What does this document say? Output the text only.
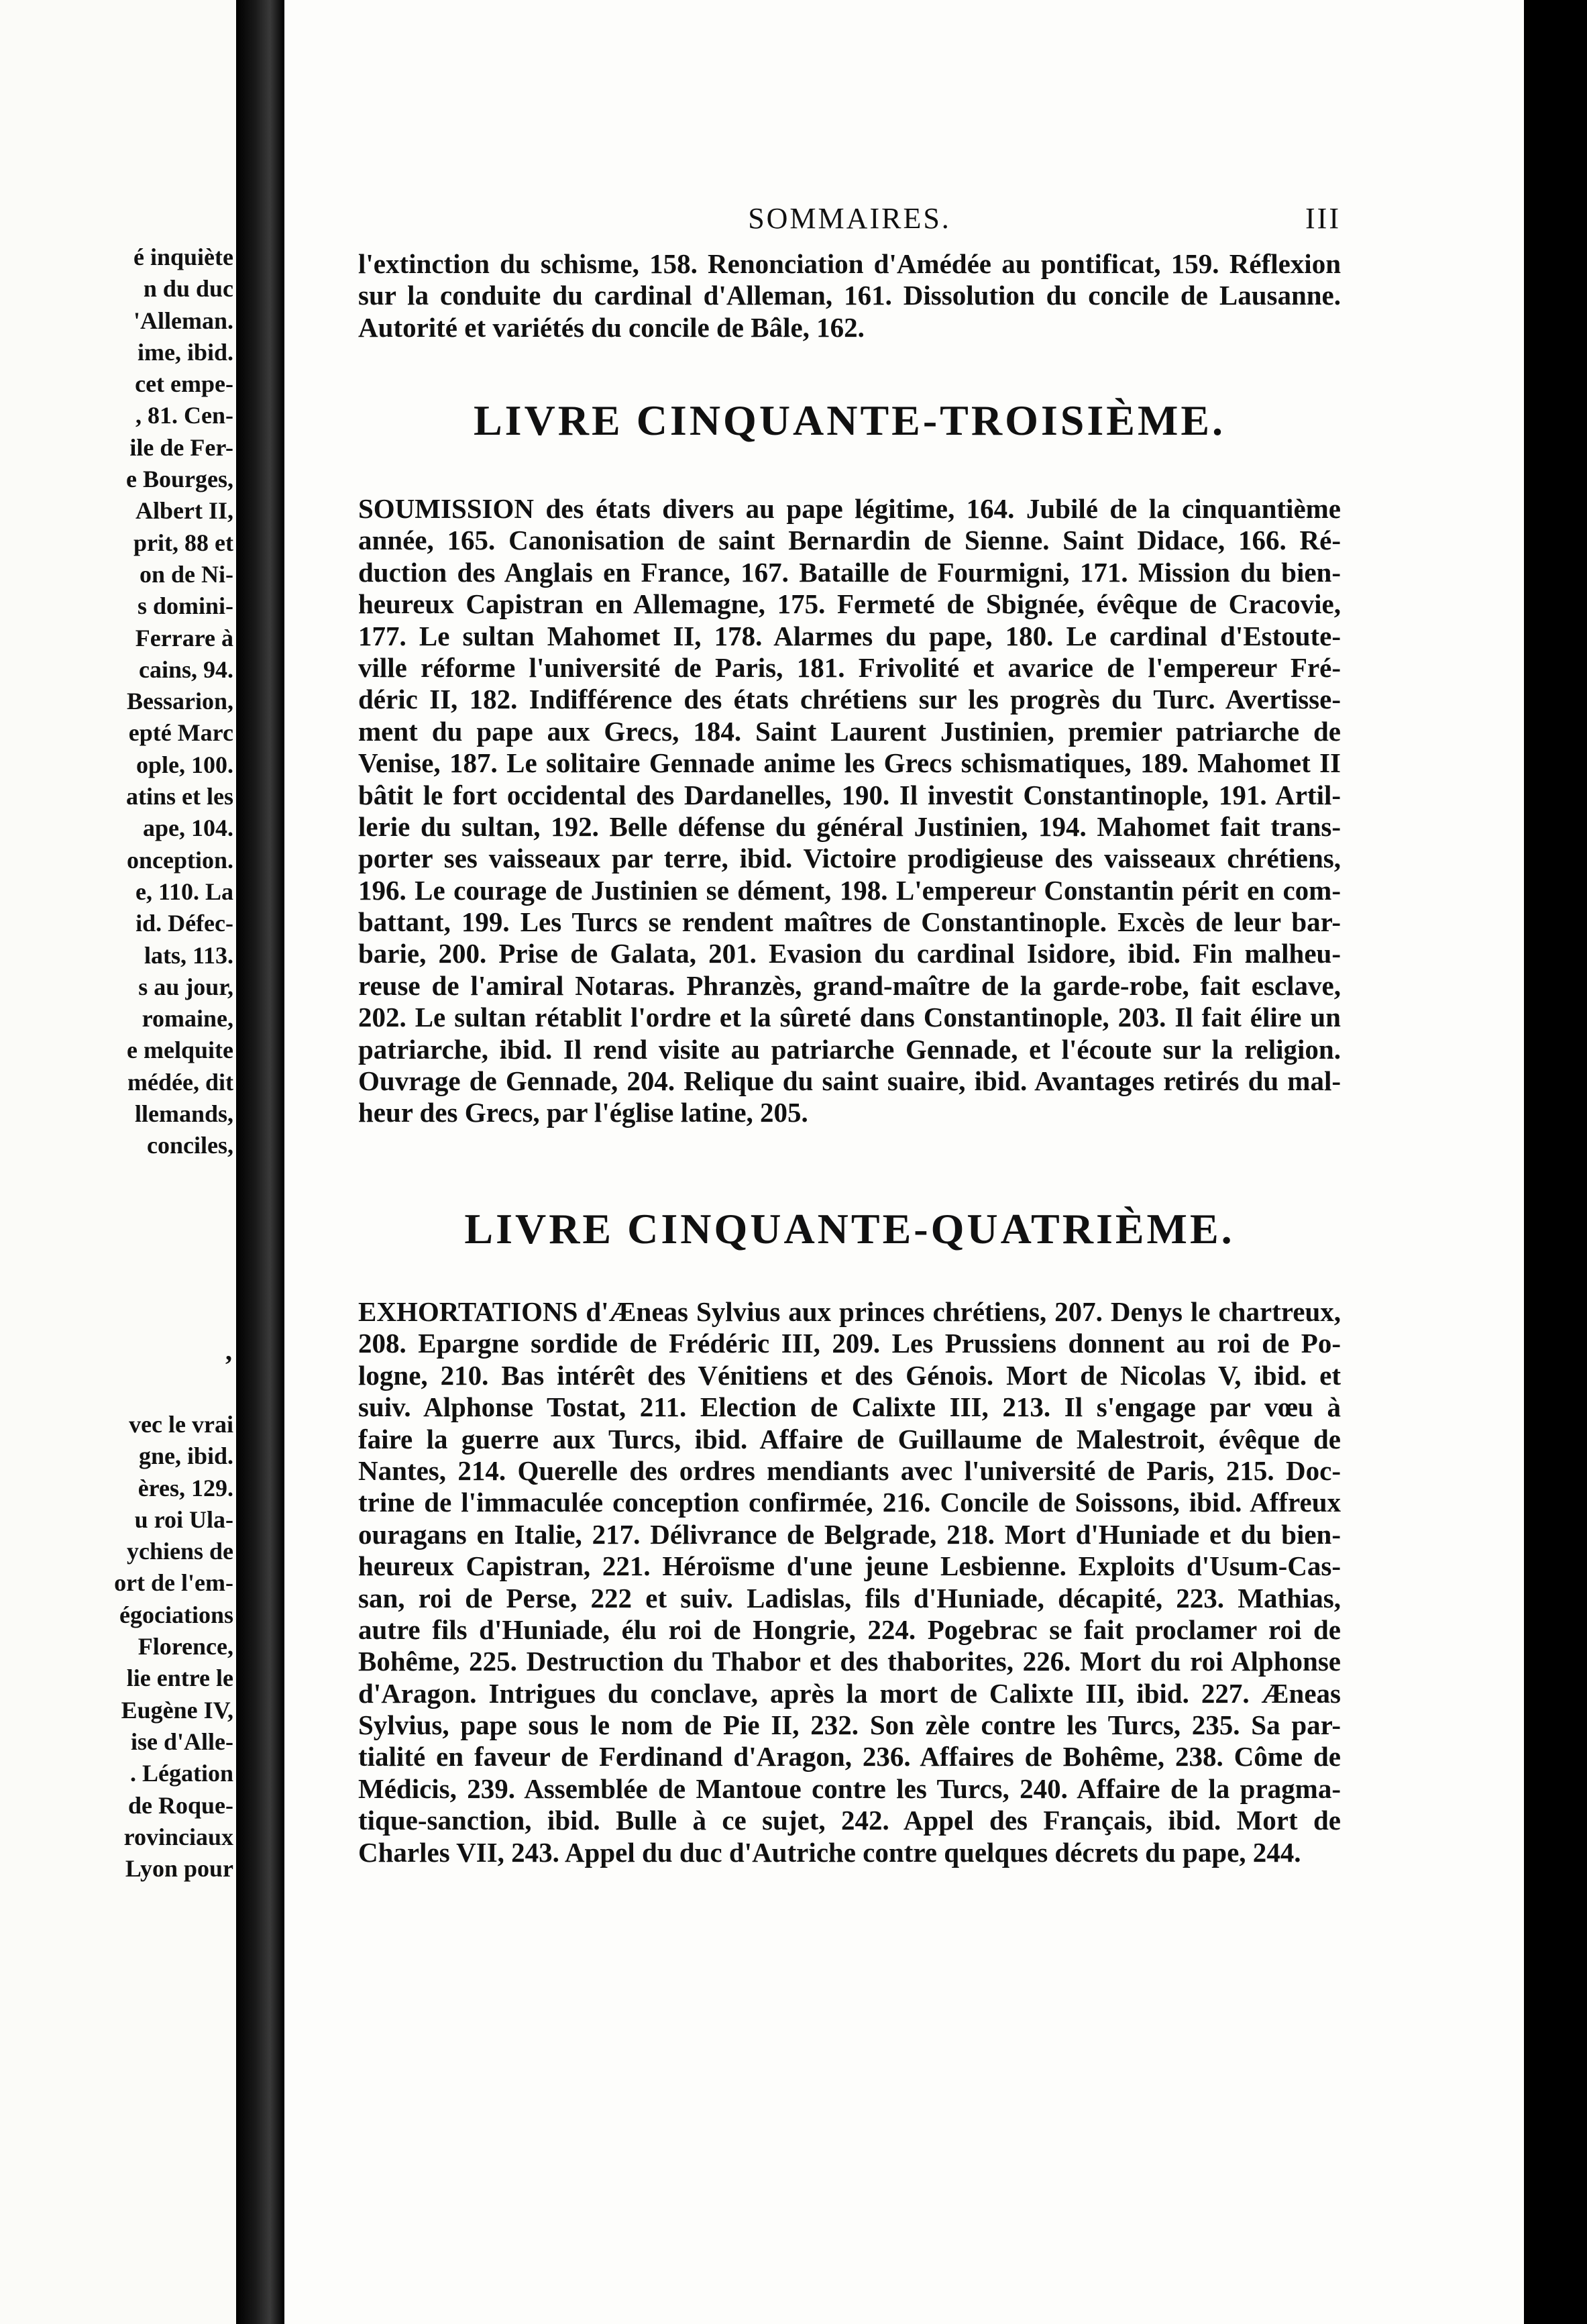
é inquiète
n du duc
'Alleman.
ime, ibid.
cet empe-
, 81. Cen-
ile de Fer-
e Bourges,
Albert II,
prit, 88 et
on de Ni-
s domini-
Ferrare à
cains, 94.
Bessarion,
epté Marc
ople, 100.
atins et les
ape, 104.
onception.
e, 110. La
id. Défec-
lats, 113.
s au jour,
romaine,
e melquite
médée, dit
llemands,
conciles,
,
vec le vrai
gne, ibid.
ères, 129.
u roi Ula-
ychiens de
ort de l'em-
égociations
Florence,
lie entre le
Eugène IV,
ise d'Alle-
. Légation
de Roque-
rovinciaux
Lyon pour
SOMMAIRES.	III
l'extinction du schisme, 158. Renonciation d'Amédée au pontificat, 159. Réflexion
sur la conduite du cardinal d'Alleman, 161. Dissolution du concile de Lausanne.
Autorité et variétés du concile de Bâle, 162.
LIVRE CINQUANTE-TROISIÈME.
SOUMISSION des états divers au pape légitime, 164. Jubilé de la cinquantième
année, 165. Canonisation de saint Bernardin de Sienne. Saint Didace, 166. Ré-
duction des Anglais en France, 167. Bataille de Fourmigni, 171. Mission du bien-
heureux Capistran en Allemagne, 175. Fermeté de Sbignée, évêque de Cracovie,
177. Le sultan Mahomet II, 178. Alarmes du pape, 180. Le cardinal d'Estoute-
ville réforme l'université de Paris, 181. Frivolité et avarice de l'empereur Fré-
déric II, 182. Indifférence des états chrétiens sur les progrès du Turc. Avertisse-
ment du pape aux Grecs, 184. Saint Laurent Justinien, premier patriarche de
Venise, 187. Le solitaire Gennade anime les Grecs schismatiques, 189. Mahomet II
bâtit le fort occidental des Dardanelles, 190. Il investit Constantinople, 191. Artil-
lerie du sultan, 192. Belle défense du général Justinien, 194. Mahomet fait trans-
porter ses vaisseaux par terre, ibid. Victoire prodigieuse des vaisseaux chrétiens,
196. Le courage de Justinien se dément, 198. L'empereur Constantin périt en com-
battant, 199. Les Turcs se rendent maîtres de Constantinople. Excès de leur bar-
barie, 200. Prise de Galata, 201. Evasion du cardinal Isidore, ibid. Fin malheu-
reuse de l'amiral Notaras. Phranzès, grand-maître de la garde-robe, fait esclave,
202. Le sultan rétablit l'ordre et la sûreté dans Constantinople, 203. Il fait élire un
patriarche, ibid. Il rend visite au patriarche Gennade, et l'écoute sur la religion.
Ouvrage de Gennade, 204. Relique du saint suaire, ibid. Avantages retirés du mal-
heur des Grecs, par l'église latine, 205.
LIVRE CINQUANTE-QUATRIÈME.
EXHORTATIONS d'Æneas Sylvius aux princes chrétiens, 207. Denys le chartreux,
208. Epargne sordide de Frédéric III, 209. Les Prussiens donnent au roi de Po-
logne, 210. Bas intérêt des Vénitiens et des Génois. Mort de Nicolas V, ibid. et
suiv. Alphonse Tostat, 211. Election de Calixte III, 213. Il s'engage par vœu à
faire la guerre aux Turcs, ibid. Affaire de Guillaume de Malestroit, évêque de
Nantes, 214. Querelle des ordres mendiants avec l'université de Paris, 215. Doc-
trine de l'immaculée conception confirmée, 216. Concile de Soissons, ibid. Affreux
ouragans en Italie, 217. Délivrance de Belgrade, 218. Mort d'Huniade et du bien-
heureux Capistran, 221. Héroïsme d'une jeune Lesbienne. Exploits d'Usum-Cas-
san, roi de Perse, 222 et suiv. Ladislas, fils d'Huniade, décapité, 223. Mathias,
autre fils d'Huniade, élu roi de Hongrie, 224. Pogebrac se fait proclamer roi de
Bohême, 225. Destruction du Thabor et des thaborites, 226. Mort du roi Alphonse
d'Aragon. Intrigues du conclave, après la mort de Calixte III, ibid. 227. Æneas
Sylvius, pape sous le nom de Pie II, 232. Son zèle contre les Turcs, 235. Sa par-
tialité en faveur de Ferdinand d'Aragon, 236. Affaires de Bohême, 238. Côme de
Médicis, 239. Assemblée de Mantoue contre les Turcs, 240. Affaire de la pragma-
tique-sanction, ibid. Bulle à ce sujet, 242. Appel des Français, ibid. Mort de
Charles VII, 243. Appel du duc d'Autriche contre quelques décrets du pape, 244.
